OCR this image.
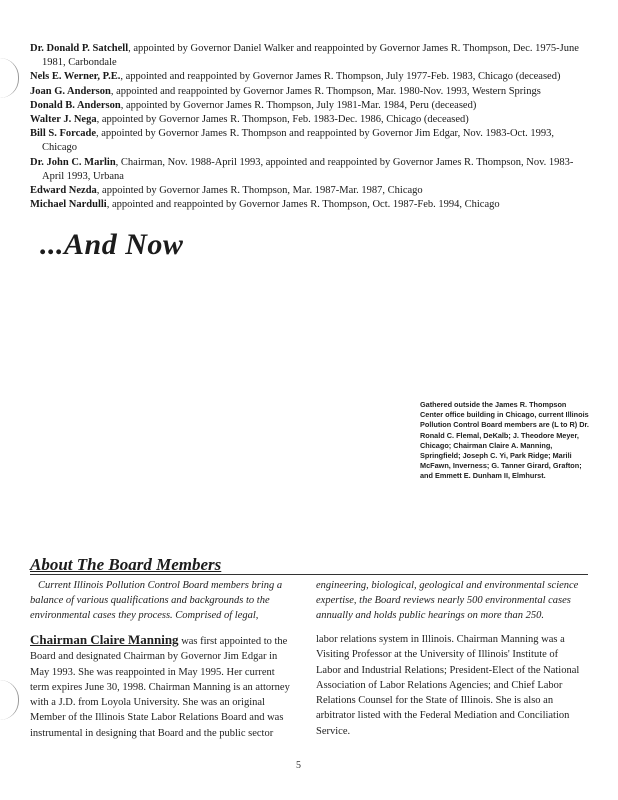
Dr. Donald P. Satchell, appointed by Governor Daniel Walker and reappointed by Governor James R. Thompson, Dec. 1975-June 1981, Carbondale

Nels E. Werner, P.E., appointed and reappointed by Governor James R. Thompson, July 1977-Feb. 1983, Chicago (deceased)

Joan G. Anderson, appointed and reappointed by Governor James R. Thompson, Mar. 1980-Nov. 1993, Western Springs

Donald B. Anderson, appointed by Governor James R. Thompson, July 1981-Mar. 1984, Peru (deceased)

Walter J. Nega, appointed by Governor James R. Thompson, Feb. 1983-Dec. 1986, Chicago (deceased)

Bill S. Forcade, appointed by Governor James R. Thompson and reappointed by Governor Jim Edgar, Nov. 1983-Oct. 1993, Chicago

Dr. John C. Marlin, Chairman, Nov. 1988-April 1993, appointed and reappointed by Governor James R. Thompson, Nov. 1983-April 1993, Urbana

Edward Nezda, appointed by Governor James R. Thompson, Mar. 1987-Mar. 1987, Chicago

Michael Nardulli, appointed and reappointed by Governor James R. Thompson, Oct. 1987-Feb. 1994, Chicago

...And Now
Gathered outside the James R. Thompson Center office building in Chicago, current Illinois Pollution Control Board members are (L to R) Dr. Ronald C. Flemal, DeKalb; J. Theodore Meyer, Chicago; Chairman Claire A. Manning, Springfield; Joseph C. Yi, Park Ridge; Marili McFawn, Inverness; G. Tanner Girard, Grafton; and Emmett E. Dunham II, Elmhurst.
About The Board Members

Current Illinois Pollution Control Board members bring a balance of various qualifications and backgrounds to the environmental cases they process. Comprised of legal,

engineering, biological, geological and environmental science expertise, the Board reviews nearly 500 environmental cases annually and holds public hearings on more than 250.

Chairman Claire Manning was first appointed to the Board and designated Chairman by Governor Jim Edgar in May 1993. She was reappointed in May 1995. Her current term expires June 30, 1998. Chairman Manning is an attorney with a J.D. from Loyola University. She was an original Member of the Illinois State Labor Relations Board and was instrumental in designing that Board and the public sector

labor relations system in Illinois. Chairman Manning was a Visiting Professor at the University of Illinois' Institute of Labor and Industrial Relations; President-Elect of the National Association of Labor Relations Agencies; and Chief Labor Relations Counsel for the State of Illinois. She is also an arbitrator listed with the Federal Mediation and Conciliation Service.

5
